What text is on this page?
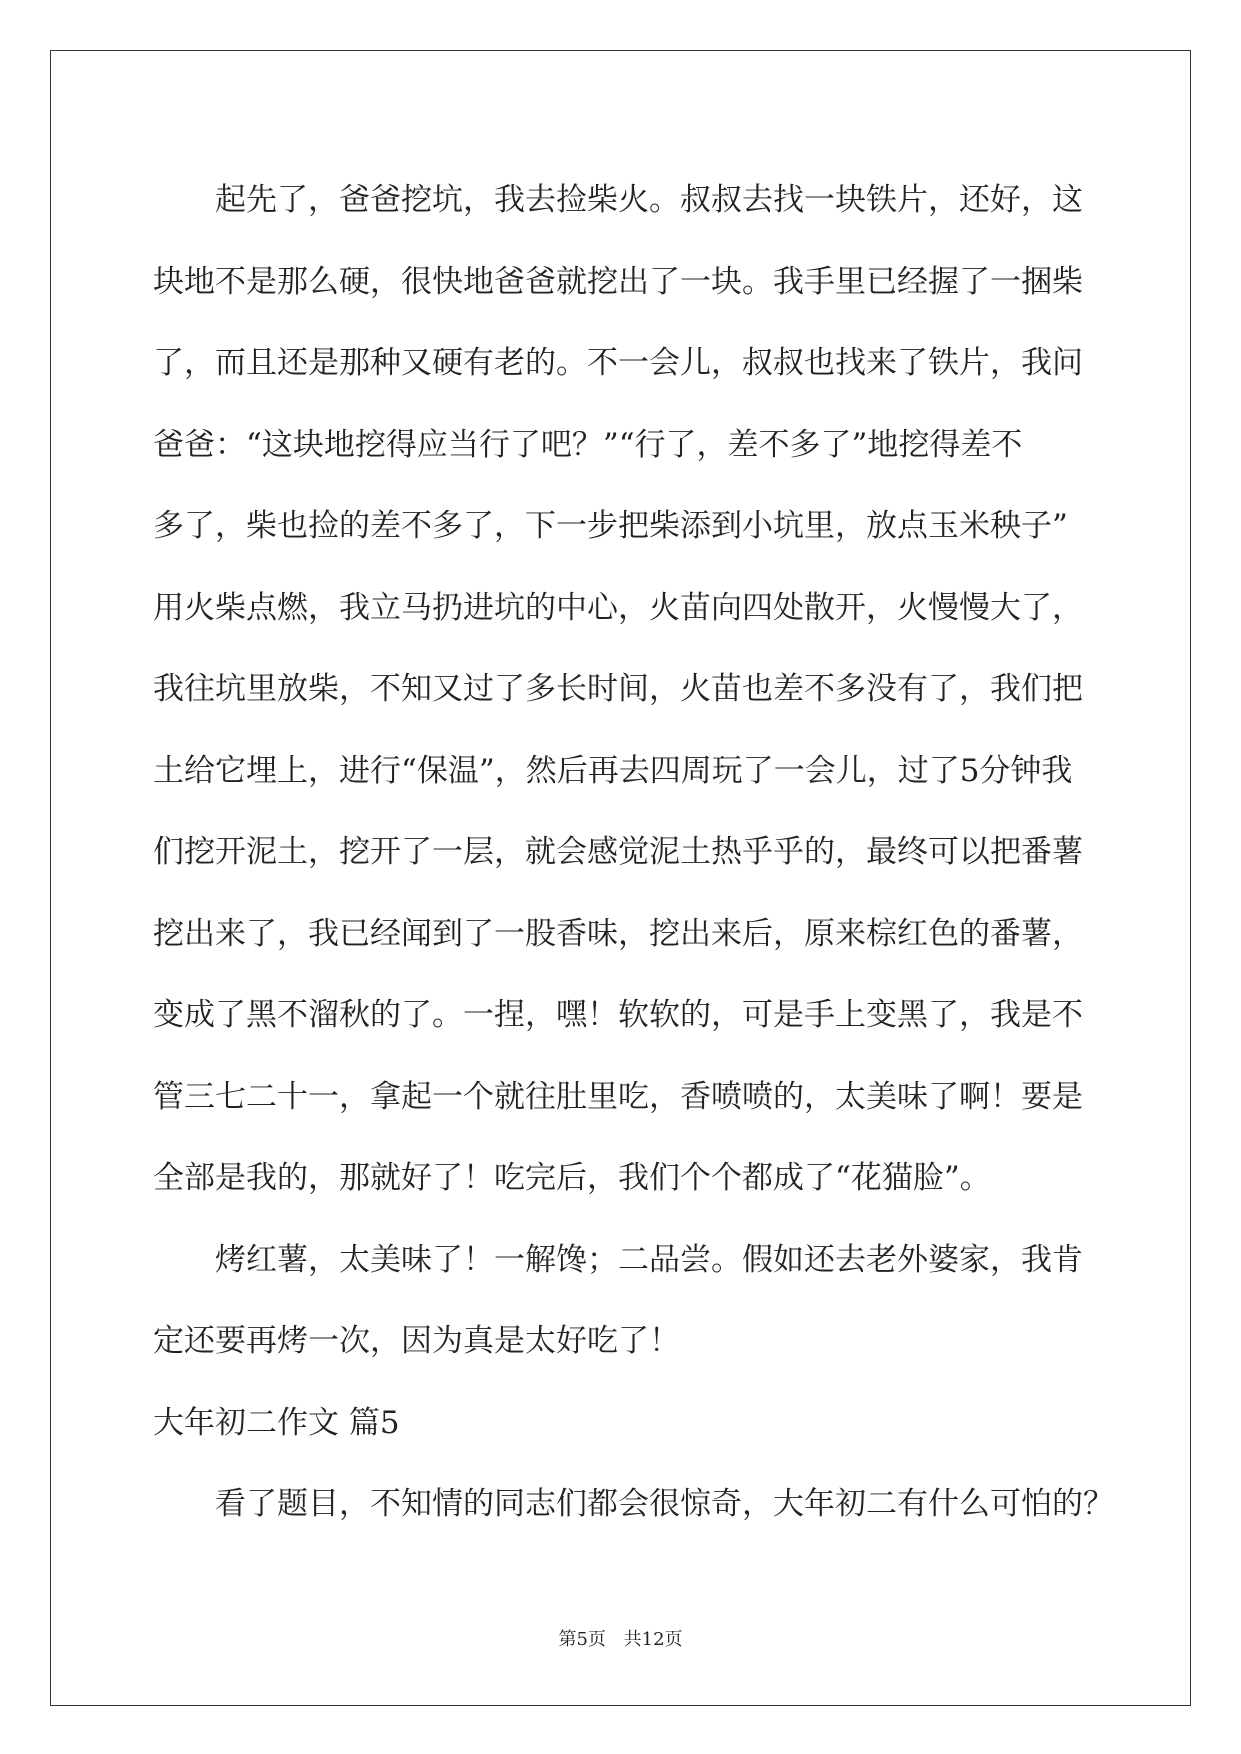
起先了，爸爸挖坑，我去捡柴火。叔叔去找一块铁片，还好，这
块地不是那么硬，很快地爸爸就挖出了一块。我手里已经握了一捆柴
了，而且还是那种又硬有老的。不一会儿，叔叔也找来了铁片，我问
爸爸：“这块地挖得应当行了吧？”“行了，差不多了”地挖得差不
多了，柴也捡的差不多了，下一步把柴添到小坑里，放点玉米秧子”
用火柴点燃，我立马扔进坑的中心，火苗向四处散开，火慢慢大了，
我往坑里放柴，不知又过了多长时间，火苗也差不多没有了，我们把
土给它埋上，进行“保温”，然后再去四周玩了一会儿，过了5分钟我
们挖开泥土，挖开了一层，就会感觉泥土热乎乎的，最终可以把番薯
挖出来了，我已经闻到了一股香味，挖出来后，原来棕红色的番薯，
变成了黑不溜秋的了。一捏，嘿！软软的，可是手上变黑了，我是不
管三七二十一，拿起一个就往肚里吃，香喷喷的，太美味了啊！要是
全部是我的，那就好了！吃完后，我们个个都成了“花猫脸”。
烤红薯，太美味了！一解馋；二品尝。假如还去老外婆家，我肯
定还要再烤一次，因为真是太好吃了！
大年初二作文 篇5
看了题目，不知情的同志们都会很惊奇，大年初二有什么可怕的？
第5页 共12页
